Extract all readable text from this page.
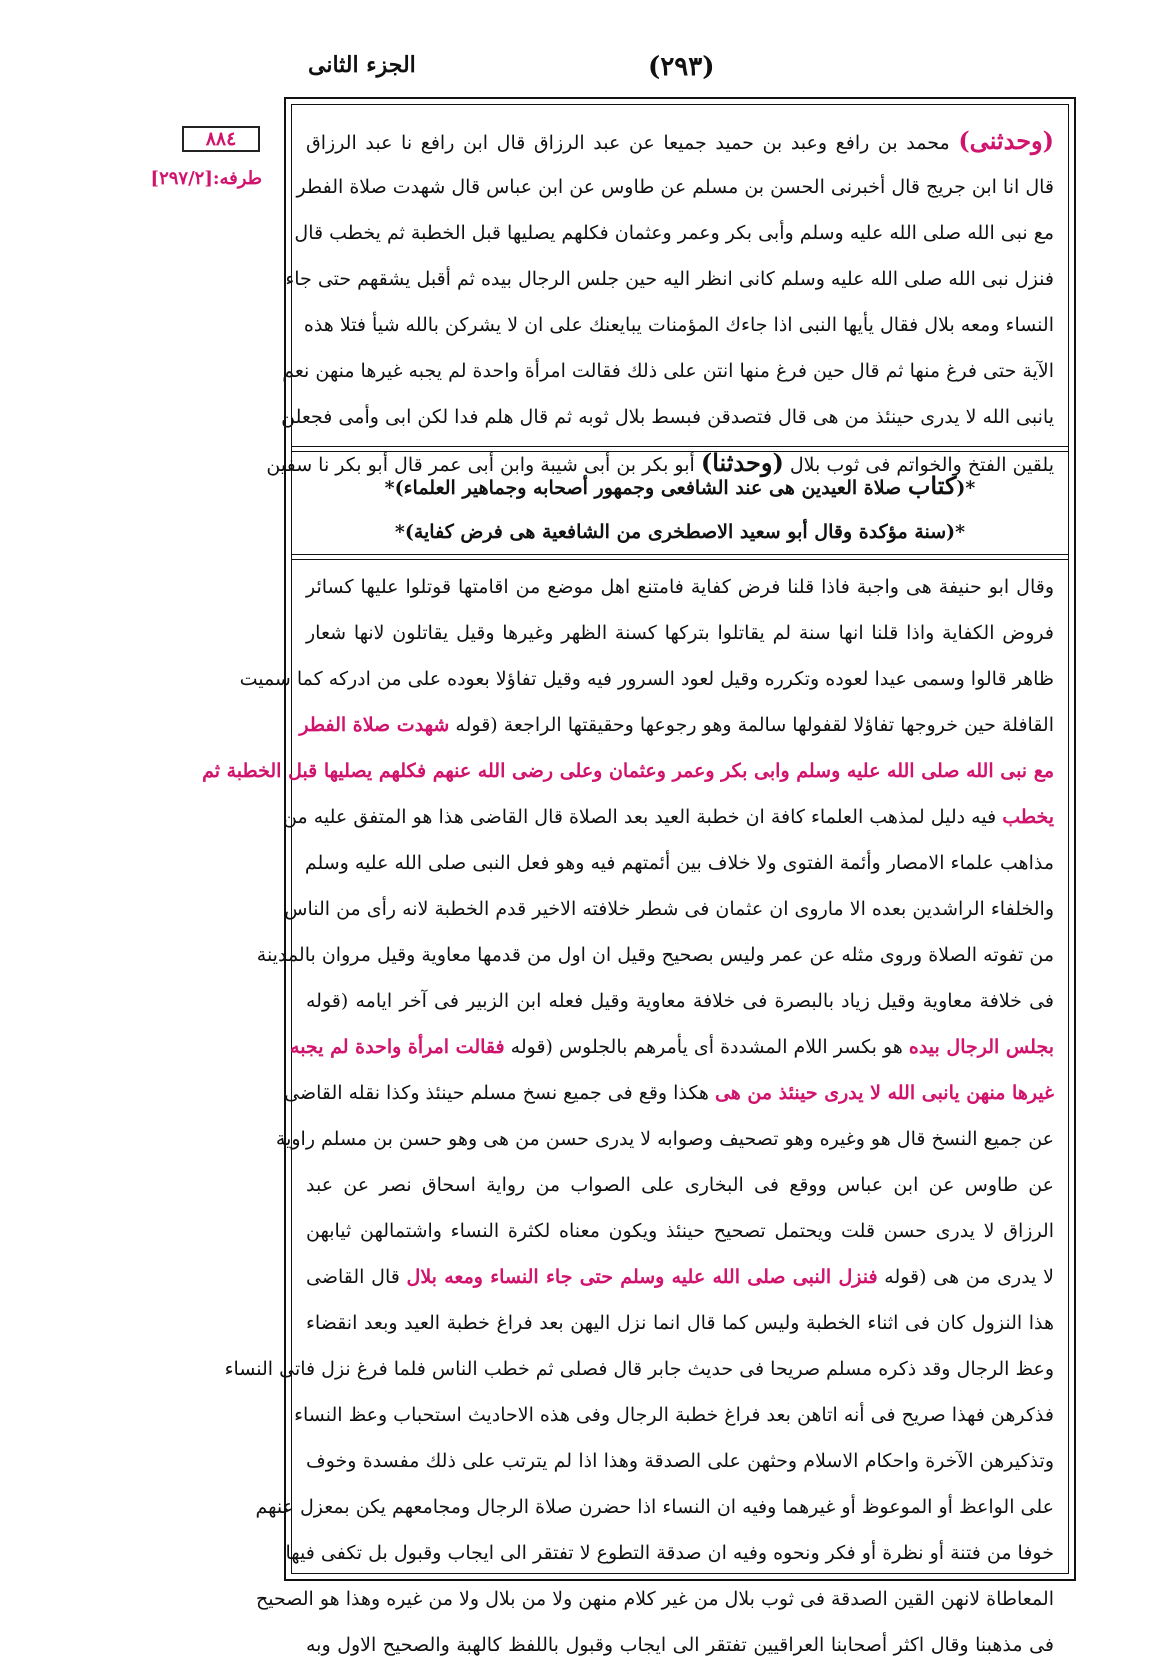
الجزء الثانى	(٢٩٣)
٨٨٤
طرفه:[٢٩٧/٢]
(وحدثنى) محمد بن رافع وعبد بن حميد جميعا عن عبد الرزاق قال ابن رافع نا عبد الرزاق
قال انا ابن جريج قال أخبرنى الحسن بن مسلم عن طاوس عن ابن عباس قال شهدت صلاة الفطر
مع نبى الله صلى الله عليه وسلم وأبى بكر وعمر وعثمان فكلهم يصليها قبل الخطبة ثم يخطب قال
فنزل نبى الله صلى الله عليه وسلم كانى انظر اليه حين جلس الرجال بيده ثم أقبل يشقهم حتى جاء
النساء ومعه بلال فقال يأيها النبى اذا جاءك المؤمنات يبايعنك على ان لا يشركن بالله شيأ فتلا هذه
الآية حتى فرغ منها ثم قال حين فرغ منها انتن على ذلك فقالت امرأة واحدة لم يجبه غيرها منهن نعم
يانبى الله لا يدرى حينئذ من هى قال فتصدقن فبسط بلال ثوبه ثم قال هلم فدا لكن ابى وأمى فجعلن
يلقين الفتخ والخواتم فى ثوب بلال (وحدثنا) أبو بكر بن أبى شيبة وابن أبى عمر قال أبو بكر نا سفين
*(كتاب صلاة العيدين هى عند الشافعى وجمهور أصحابه وجماهير العلماء)*
*(سنة مؤكدة وقال أبو سعيد الاصطخرى من الشافعية هى فرض كفاية)*
وقال ابو حنيفة هى واجبة فاذا قلنا فرض كفاية فامتنع اهل موضع من اقامتها قوتلوا عليها كسائر
فروض الكفاية واذا قلنا انها سنة لم يقاتلوا بتركها كسنة الظهر وغيرها وقيل يقاتلون لانها شعار
ظاهر قالوا وسمى عيدا لعوده وتكرره وقيل لعود السرور فيه وقيل تفاؤلا بعوده على من ادركه كما سميت
القافلة حين خروجها تفاؤلا لقفولها سالمة وهو رجوعها وحقيقتها الراجعة (قوله شهدت صلاة الفطر
مع نبى الله صلى الله عليه وسلم وابى بكر وعمر وعثمان وعلى رضى الله عنهم فكلهم يصليها قبل الخطبة ثم
يخطب فيه دليل لمذهب العلماء كافة ان خطبة العيد بعد الصلاة قال القاضى هذا هو المتفق عليه من
مذاهب علماء الامصار وأئمة الفتوى ولا خلاف بين أئمتهم فيه وهو فعل النبى صلى الله عليه وسلم
والخلفاء الراشدين بعده الا ماروى ان عثمان فى شطر خلافته الاخير قدم الخطبة لانه رأى من الناس
من تفوته الصلاة وروى مثله عن عمر وليس بصحيح وقيل ان اول من قدمها معاوية وقيل مروان بالمدينة
فى خلافة معاوية وقيل زياد بالبصرة فى خلافة معاوية وقيل فعله ابن الزبير فى آخر ايامه (قوله
بجلس الرجال بيده هو بكسر اللام المشددة أى يأمرهم بالجلوس (قوله فقالت امرأة واحدة لم يجبه
غيرها منهن يانبى الله لا يدرى حينئذ من هى هكذا وقع فى جميع نسخ مسلم حينئذ وكذا نقله القاضى
عن جميع النسخ قال هو وغيره وهو تصحيف وصوابه لا يدرى حسن من هى وهو حسن بن مسلم راوية
عن طاوس عن ابن عباس ووقع فى البخارى على الصواب من رواية اسحاق نصر عن عبد
الرزاق لا يدرى حسن قلت ويحتمل تصحيح حينئذ ويكون معناه لكثرة النساء واشتمالهن ثيابهن
لا يدرى من هى (قوله فنزل النبى صلى الله عليه وسلم حتى جاء النساء ومعه بلال قال القاضى
هذا النزول كان فى اثناء الخطبة وليس كما قال انما نزل اليهن بعد فراغ خطبة العيد وبعد انقضاء
وعظ الرجال وقد ذكره مسلم صريحا فى حديث جابر قال فصلى ثم خطب الناس فلما فرغ نزل فاتى النساء
فذكرهن فهذا صريح فى أنه اتاهن بعد فراغ خطبة الرجال وفى هذه الاحاديث استحباب وعظ النساء
وتذكيرهن الآخرة واحكام الاسلام وحثهن على الصدقة وهذا اذا لم يترتب على ذلك مفسدة وخوف
على الواعظ أو الموعوظ أو غيرهما وفيه ان النساء اذا حضرن صلاة الرجال ومجامعهم يكن بمعزل عنهم
خوفا من فتنة أو نظرة أو فكر ونحوه وفيه ان صدقة التطوع لا تفتقر الى ايجاب وقبول بل تكفى فيها
المعاطاة لانهن القين الصدقة فى ثوب بلال من غير كلام منهن ولا من بلال ولا من غيره وهذا هو الصحيح
فى مذهبنا وقال اكثر أصحابنا العراقيين تفتقر الى ايجاب وقبول باللفظ كالهبة والصحيح الاول وبه
